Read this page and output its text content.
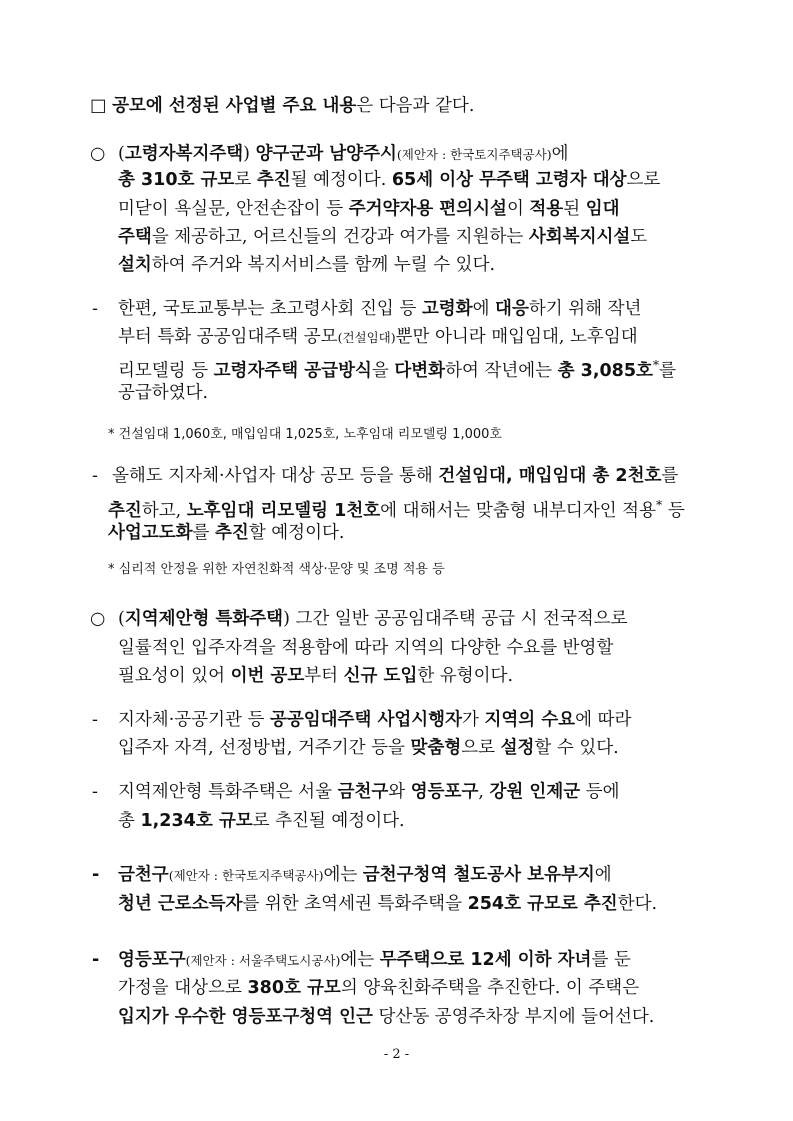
□ 공모에 선정된 사업별 주요 내용은 다음과 같다.
○ (고령자복지주택) 양구군과 남양주시(제안자 : 한국토지주택공사)에
총 310호 규모로 추진될 예정이다. 65세 이상 무주택 고령자 대상으로
미닫이 욕실문, 안전손잡이 등 주거약자용 편의시설이 적용된 임대
주택을 제공하고, 어르신들의 건강과 여가를 지원하는 사회복지시설도
설치하여 주거와 복지서비스를 함께 누릴 수 있다.
- 한편, 국토교통부는 초고령사회 진입 등 고령화에 대응하기 위해 작년
부터 특화 공공임대주택 공모(건설임대)뿐만 아니라 매입임대, 노후임대
리모델링 등 고령자주택 공급방식을 다변화하여 작년에는 총 3,085호*를
공급하였다.
* 건설임대 1,060호, 매입임대 1,025호, 노후임대 리모델링 1,000호
- 올해도 지자체·사업자 대상 공모 등을 통해 건설임대, 매입임대 총 2천호를
추진하고, 노후임대 리모델링 1천호에 대해서는 맞춤형 내부디자인 적용* 등
사업고도화를 추진할 예정이다.
* 심리적 안정을 위한 자연친화적 색상·문양 및 조명 적용 등
○ (지역제안형 특화주택) 그간 일반 공공임대주택 공급 시 전국적으로
일률적인 입주자격을 적용함에 따라 지역의 다양한 수요를 반영할
필요성이 있어 이번 공모부터 신규 도입한 유형이다.
- 지자체·공공기관 등 공공임대주택 사업시행자가 지역의 수요에 따라
입주자 자격, 선정방법, 거주기간 등을 맞춤형으로 설정할 수 있다.
- 지역제안형 특화주택은 서울 금천구와 영등포구, 강원 인제군 등에
총 1,234호 규모로 추진될 예정이다.
- 금천구(제안자 : 한국토지주택공사)에는 금천구청역 철도공사 보유부지에
청년 근로소득자를 위한 초역세권 특화주택을 254호 규모로 추진한다.
- 영등포구(제안자 : 서울주택도시공사)에는 무주택으로 12세 이하 자녀를 둔
가정을 대상으로 380호 규모의 양육친화주택을 추진한다. 이 주택은
입지가 우수한 영등포구청역 인근 당산동 공영주차장 부지에 들어선다.
- 2 -
